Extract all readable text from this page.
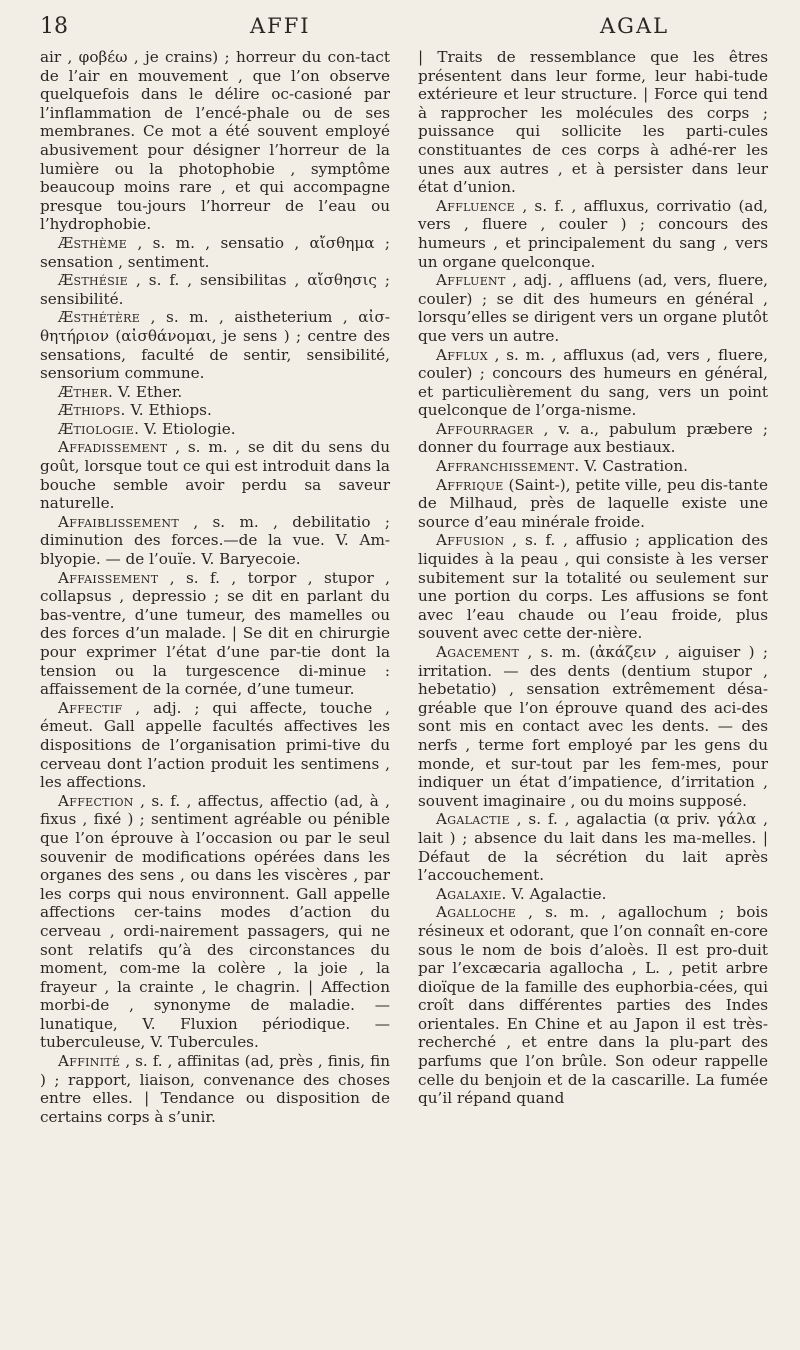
18	AFFI	AGAL

air , φοβέω , je crains) ; horreur du con-tact de l’air en mouvement , que l’on observe quelquefois dans le délire oc-casioné par l’inflammation de l’encé-phale ou de ses membranes. Ce mot a été souvent employé abusivement pour désigner l’horreur de la lumière ou la photophobie , symptôme beaucoup moins rare , et qui accompagne presque tou-jours l’horreur de l’eau ou l’hydrophobie.

Æsthème , s. m. , sensatio , αἴσθημα ; sensation , sentiment.

Æsthésie , s. f. , sensibilitas , αἴσθησις ; sensibilité.

Æsthétère , s. m. , aistheterium , αἰσ-θητήριον (αἰσθάνομαι, je sens ) ; centre des sensations, faculté de sentir, sensibilité, sensorium commune.

Æther. V. Ether.

Æthiops. V. Ethiops.

Ætiologie. V. Etiologie.

Affadissement , s. m. , se dit du sens du goût, lorsque tout ce qui est introduit dans la bouche semble avoir perdu sa saveur naturelle.

Affaiblissement , s. m. , debilitatio ; diminution des forces.—de la vue. V. Am-blyopie. — de l’ouïe. V. Baryecoie.

Affaissement , s. f. , torpor , stupor , collapsus , depressio ; se dit en parlant du bas-ventre, d’une tumeur, des mamelles ou des forces d’un malade. | Se dit en chirurgie pour exprimer l’état d’une par-tie dont la tension ou la turgescence di-minue : affaissement de la cornée, d’une tumeur.

Affectif , adj. ; qui affecte, touche , émeut. Gall appelle facultés affectives les dispositions de l’organisation primi-tive du cerveau dont l’action produit les sentimens , les affections.

Affection , s. f. , affectus, affectio (ad, à , fixus , fixé ) ; sentiment agréable ou pénible que l’on éprouve à l’occasion ou par le seul souvenir de modifications opérées dans les organes des sens , ou dans les viscères , par les corps qui nous environnent. Gall appelle affections cer-tains modes d’action du cerveau , ordi-nairement passagers, qui ne sont relatifs qu’à des circonstances du moment, com-me la colère , la joie , la frayeur , la crainte , le chagrin. | Affection morbi-de , synonyme de maladie. — lunatique, V. Fluxion périodique. — tuberculeuse, V. Tubercules.

Affinité , s. f. , affinitas (ad, près , finis, fin ) ; rapport, liaison, convenance des choses entre elles. | Tendance ou disposition de certains corps à s’unir.

| Traits de ressemblance que les êtres présentent dans leur forme, leur habi-tude extérieure et leur structure. | Force qui tend à rapprocher les molécules des corps ; puissance qui sollicite les parti-cules constituantes de ces corps à adhé-rer les unes aux autres , et à persister dans leur état d’union.

Affluence , s. f. , affluxus, corrivatio (ad, vers , fluere , couler ) ; concours des humeurs , et principalement du sang , vers un organe quelconque.

Affluent , adj. , affluens (ad, vers, fluere, couler) ; se dit des humeurs en général , lorsqu’elles se dirigent vers un organe plutôt que vers un autre.

Afflux , s. m. , affluxus (ad, vers , fluere, couler) ; concours des humeurs en général, et particulièrement du sang, vers un point quelconque de l’orga-nisme.

Affourrager , v. a., pabulum præbere ; donner du fourrage aux bestiaux.

Affranchissement. V. Castration.

Affrique (Saint-), petite ville, peu dis-tante de Milhaud, près de laquelle existe une source d’eau minérale froide.

Affusion , s. f. , affusio ; application des liquides à la peau , qui consiste à les verser subitement sur la totalité ou seulement sur une portion du corps. Les affusions se font avec l’eau chaude ou l’eau froide, plus souvent avec cette der-nière.

Agacement , s. m. (ἀκάζειν , aiguiser ) ; irritation. — des dents (dentium stupor , hebetatio) , sensation extrêmement désa-gréable que l’on éprouve quand des aci-des sont mis en contact avec les dents. — des nerfs , terme fort employé par les gens du monde, et sur-tout par les fem-mes, pour indiquer un état d’impatience, d’irritation , souvent imaginaire , ou du moins supposé.

Agalactie , s. f. , agalactia (α priv. γάλα , lait ) ; absence du lait dans les ma-melles. | Défaut de la sécrétion du lait après l’accouchement.

Agalaxie. V. Agalactie.

Agalloche , s. m. , agallochum ; bois résineux et odorant, que l’on connaît en-core sous le nom de bois d’aloès. Il est pro-duit par l’excæcaria agallocha , L. , petit arbre dioïque de la famille des euphorbia-cées, qui croît dans différentes parties des Indes orientales. En Chine et au Japon il est très-recherché , et entre dans la plu-part des parfums que l’on brûle. Son odeur rappelle celle du benjoin et de la cascarille. La fumée qu’il répand quand
